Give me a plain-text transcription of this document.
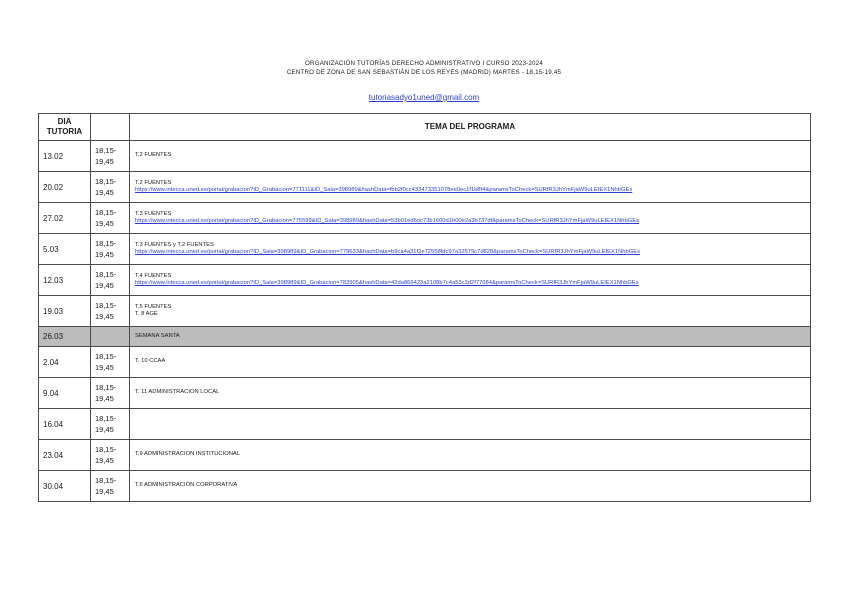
ORGANIZACIÓN TUTORÍAS DERECHO ADMINISTRATIVO I CURSO 2023-2024
CENTRO DE ZONA DE SAN SEBASTIÁN DE LOS REYES (MADRID) MARTES - 18,15-19,45
tutoriasadyo1uned@gmail.com
DIA TUTORIA		TEMA DEL PROGRAMA
13.02	18,15-
19,45	T.2 FUENTES

20.02	18,15-
19,45	T.2 FUENTES
https://www.intecca.uned.es/portal/grabacion?ID_Grabacion=771111&ID_Sala=398989&hashData=fbb2f0cc433473351078ee0ec1f1b8f4&paramsToCheck=SURfR3JhYmFjaW9uLEIEX1NhbGEs

27.02	18,15-
19,45	T.3 FUENTES
https://www.intecca.uned.es/portal/grabacion?ID_Grabacion=775599&ID_Sala=398989&hashData=53b01ed6oc73b1600d1b00e2a3b737df&paramsToCheck=SURfR3JhYmFjaW9uLEIEX1NhbGEs

5.03	18,15-
19,45	T.3 FUENTES y T.2 FUENTES
https://www.intecca.uned.es/portal/grabacion?ID_Sala=398989&ID_Grabacion=779633&hashData=b9ca4a31f2e72558fdc97a32579c7d828&paramsToCheck=SURfR3JhYmFjaW9uLEIEX1NhbGEs

12.03	18,15-
19,45	T.4 FUENTES
https://www.intecca.uned.es/portal/grabacion?ID_Sala=398989&ID_Grabacion=783905&hashData=42da866423a2108b7c4a53c3d2f77684&paramsToCheck=SURfR3JhYmFjaW9uLEIEX1NhbGEs

19.03	18,15-
19,45	T.5 FUENTES
T. 8 AGE

26.03		SEMANA SANTA
2.04	18,15-
19,45	T. 10 CCAA
9.04	18,15-
19,45	T. 11 ADMINISTRACION LOCAL
16.04	18,15-
19,45	

23.04	18,15-
19,45	T.9 ADMINISTRACION INSTITUCIONAL
30.04	18,15-
19,45	T.6 ADMINISTRACIÓN CORPORATIVA
